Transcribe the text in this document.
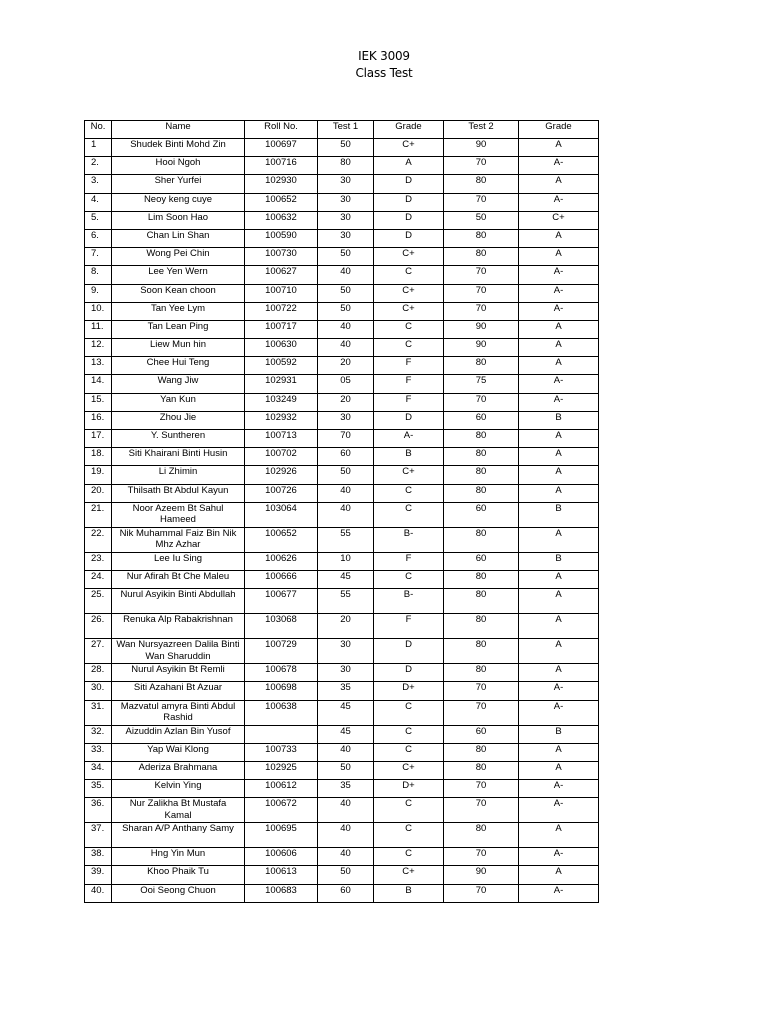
IEK 3009
Class Test
No.	Name	Roll No.	Test 1	Grade	Test 2	Grade
1	Shudek Binti Mohd Zin	100697	50	C+	90	A
2.	Hooi Ngoh	100716	80	A	70	A-
3.	Sher Yurfei	102930	30	D	80	A
4.	Neoy keng cuye	100652	30	D	70	A-
5.	Lim Soon Hao	100632	30	D	50	C+
6.	Chan Lin Shan	100590	30	D	80	A
7.	Wong Pei Chin	100730	50	C+	80	A
8.	Lee Yen Wern	100627	40	C	70	A-
9.	Soon Kean choon	100710	50	C+	70	A-
10.	Tan Yee Lym	100722	50	C+	70	A-
11.	Tan Lean Ping	100717	40	C	90	A
12.	Liew Mun hin	100630	40	C	90	A
13.	Chee Hui Teng	100592	20	F	80	A
14.	Wang Jiw	102931	05	F	75	A-
15.	Yan Kun	103249	20	F	70	A-
16.	Zhou Jie	102932	30	D	60	B
17.	Y. Suntheren	100713	70	A-	80	A
18.	Siti Khairani Binti Husin	100702	60	B	80	A
19.	Li Zhimin	102926	50	C+	80	A
20.	Thilsath Bt Abdul Kayun	100726	40	C	80	A
21.	Noor Azeem Bt Sahul Hameed	103064	40	C	60	B
22.	Nik Muhammal Faiz Bin Nik Mhz Azhar	100652	55	B-	80	A
23.	Lee Iu Sing	100626	10	F	60	B
24.	Nur Afirah Bt Che Maleu	100666	45	C	80	A
25.	Nurul Asyikin Binti Abdullah	100677	55	B-	80	A
26.	Renuka Alp Rabakrishnan	103068	20	F	80	A
27.	Wan Nursyazreen Dalila Binti Wan Sharuddin	100729	30	D	80	A
28.	Nurul Asyikin Bt Remli	100678	30	D	80	A
30.	Siti Azahani Bt Azuar	100698	35	D+	70	A-
31.	Mazvatul amyra Binti Abdul Rashid	100638	45	C	70	A-
32.	Aizuddin Azlan Bin Yusof		45	C	60	B
33.	Yap Wai Klong	100733	40	C	80	A
34.	Aderiza Brahmana	102925	50	C+	80	A
35.	Kelvin Ying	100612	35	D+	70	A-
36.	Nur Zalikha Bt Mustafa Kamal	100672	40	C	70	A-
37.	Sharan A/P Anthany Samy	100695	40	C	80	A
38.	Hng Yin Mun	100606	40	C	70	A-
39.	Khoo Phaik Tu	100613	50	C+	90	A
40.	Ooi Seong Chuon	100683	60	B	70	A-
